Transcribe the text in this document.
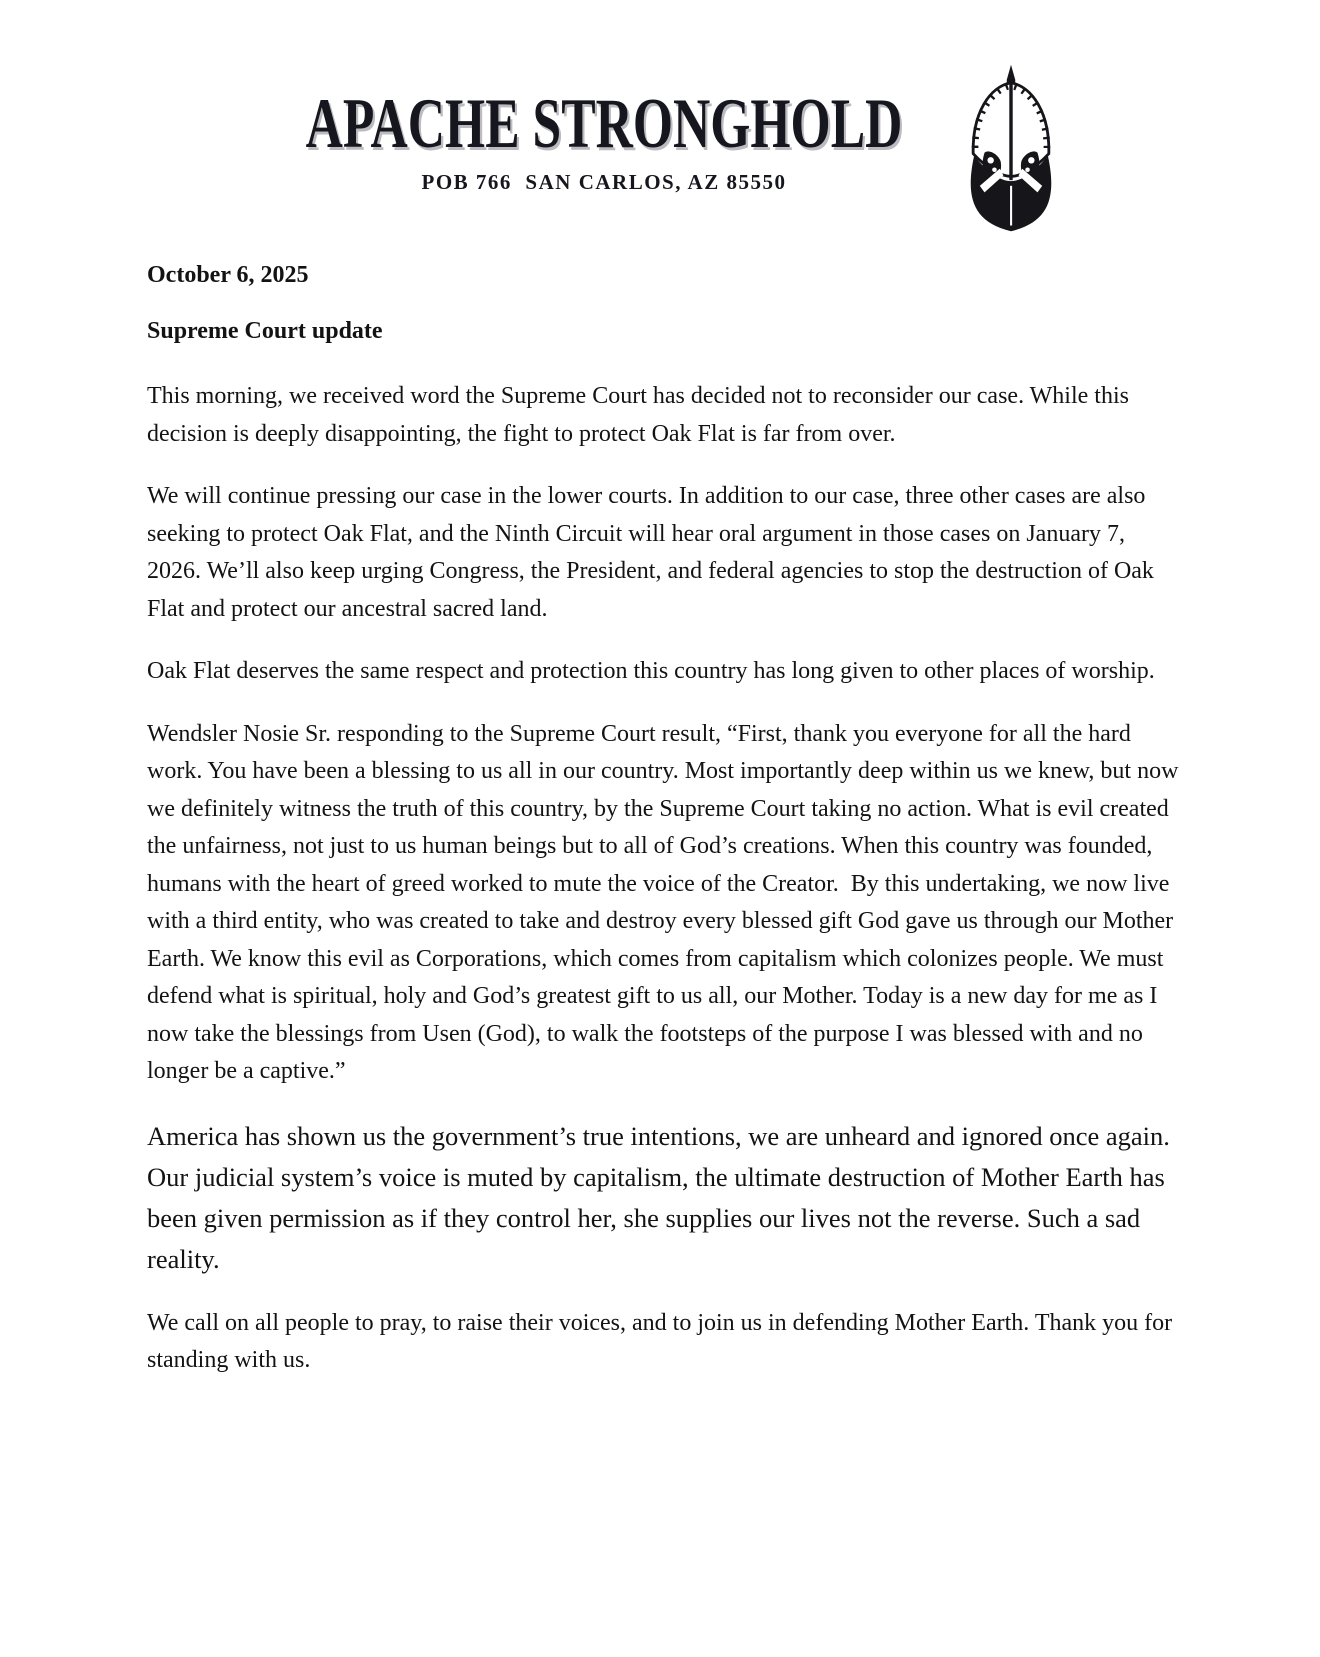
APACHE STRONGHOLD
POB 766  SAN CARLOS, AZ 85550

October 6, 2025

Supreme Court update

This morning, we received word the Supreme Court has decided not to reconsider our case. While this decision is deeply disappointing, the fight to protect Oak Flat is far from over.

We will continue pressing our case in the lower courts. In addition to our case, three other cases are also seeking to protect Oak Flat, and the Ninth Circuit will hear oral argument in those cases on January 7, 2026. We’ll also keep urging Congress, the President, and federal agencies to stop the destruction of Oak Flat and protect our ancestral sacred land.

Oak Flat deserves the same respect and protection this country has long given to other places of worship.

Wendsler Nosie Sr. responding to the Supreme Court result, “First, thank you everyone for all the hard work. You have been a blessing to us all in our country. Most importantly deep within us we knew, but now we definitely witness the truth of this country, by the Supreme Court taking no action. What is evil created the unfairness, not just to us human beings but to all of God’s creations. When this country was founded, humans with the heart of greed worked to mute the voice of the Creator.  By this undertaking, we now live with a third entity, who was created to take and destroy every blessed gift God gave us through our Mother Earth. We know this evil as Corporations, which comes from capitalism which colonizes people. We must defend what is spiritual, holy and God’s greatest gift to us all, our Mother. Today is a new day for me as I now take the blessings from Usen (God), to walk the footsteps of the purpose I was blessed with and no longer be a captive.”

America has shown us the government’s true intentions, we are unheard and ignored once again. Our judicial system’s voice is muted by capitalism, the ultimate destruction of Mother Earth has been given permission as if they control her, she supplies our lives not the reverse. Such a sad reality.

We call on all people to pray, to raise their voices, and to join us in defending Mother Earth. Thank you for standing with us.
